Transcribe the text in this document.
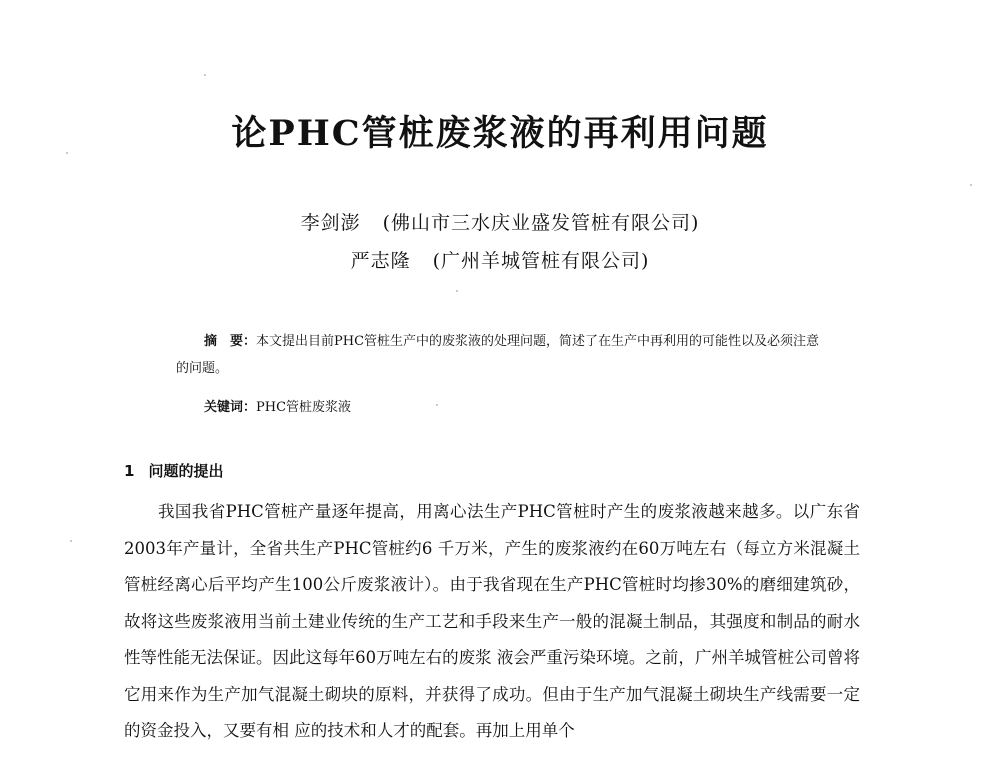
论PHC管桩废浆液的再利用问题
李剑澎 (佛山市三水庆业盛发管桩有限公司)
严志隆 (广州羊城管桩有限公司)
摘　要：本文提出目前PHC管桩生产中的废浆液的处理问题，简述了在生产中再利用的可能性以及必须注意的问题。
关键词：PHC管桩废浆液
1 问题的提出
我国我省PHC管桩产量逐年提高，用离心法生产PHC管桩时产生的废浆液越来越多。以广东省2003年产量计，全省共生产PHC管桩约6 千万米，产生的废浆液约在60万吨左右（每立方米混凝土管桩经离心后平均产生100公斤废浆液计）。由于我省现在生产PHC管桩时均掺30%的磨细建筑砂，故将这些废浆液用当前土建业传统的生产工艺和手段来生产一般的混凝土制品，其强度和制品的耐水性等性能无法保证。因此这每年60万吨左右的废浆 液会严重污染环境。之前，广州羊城管桩公司曾将它用来作为生产加气混凝土砌块的原料，并获得了成功。但由于生产加气混凝土砌块生产线需要一定的资金投入，又要有相 应的技术和人才的配套。再加上用单个
